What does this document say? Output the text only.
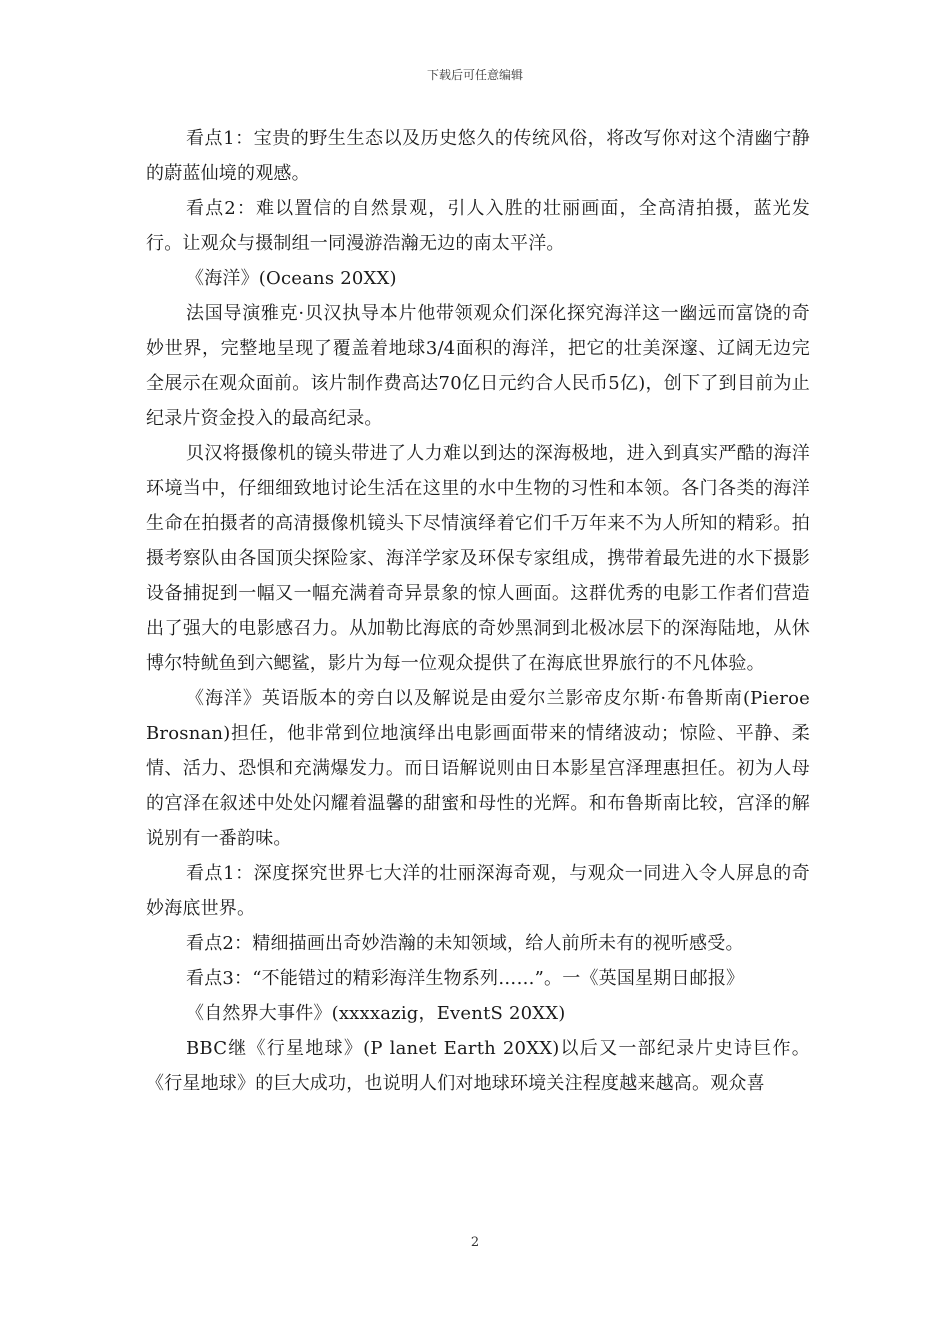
下载后可任意编辑

看点1：宝贵的野生生态以及历史悠久的传统风俗，将改写你对这个清幽宁静的蔚蓝仙境的观感。

看点2：难以置信的自然景观，引人入胜的壮丽画面，全高清拍摄，蓝光发行。让观众与摄制组一同漫游浩瀚无边的南太平洋。

《海洋》(Oceans 20XX)

法国导演雅克·贝汉执导本片他带领观众们深化探究海洋这一幽远而富饶的奇妙世界，完整地呈现了覆盖着地球3/4面积的海洋，把它的壮美深邃、辽阔无边完全展示在观众面前。该片制作费高达70亿日元约合人民币5亿)，创下了到目前为止纪录片资金投入的最高纪录。

贝汉将摄像机的镜头带进了人力难以到达的深海极地，进入到真实严酷的海洋环境当中，仔细细致地讨论生活在这里的水中生物的习性和本领。各门各类的海洋生命在拍摄者的高清摄像机镜头下尽情演绎着它们千万年来不为人所知的精彩。拍摄考察队由各国顶尖探险家、海洋学家及环保专家组成，携带着最先进的水下摄影设备捕捉到一幅又一幅充满着奇异景象的惊人画面。这群优秀的电影工作者们营造出了强大的电影感召力。从加勒比海底的奇妙黑洞到北极冰层下的深海陆地，从休博尔特鱿鱼到六鳃鲨，影片为每一位观众提供了在海底世界旅行的不凡体验。

《海洋》英语版本的旁白以及解说是由爱尔兰影帝皮尔斯·布鲁斯南(Pieroe Brosnan)担任，他非常到位地演绎出电影画面带来的情绪波动；惊险、平静、柔情、活力、恐惧和充满爆发力。而日语解说则由日本影星宫泽理惠担任。初为人母的宫泽在叙述中处处闪耀着温馨的甜蜜和母性的光辉。和布鲁斯南比较，宫泽的解说别有一番韵味。

看点1：深度探究世界七大洋的壮丽深海奇观，与观众一同进入令人屏息的奇妙海底世界。

看点2：精细描画出奇妙浩瀚的未知领域，给人前所未有的视听感受。

看点3：“不能错过的精彩海洋生物系列……”。一《英国星期日邮报》

《自然界大事件》(xxxxazig，EventS 20XX)

BBC继《行星地球》(P lanet Earth 20XX)以后又一部纪录片史诗巨作。《行星地球》的巨大成功，也说明人们对地球环境关注程度越来越高。观众喜

2
